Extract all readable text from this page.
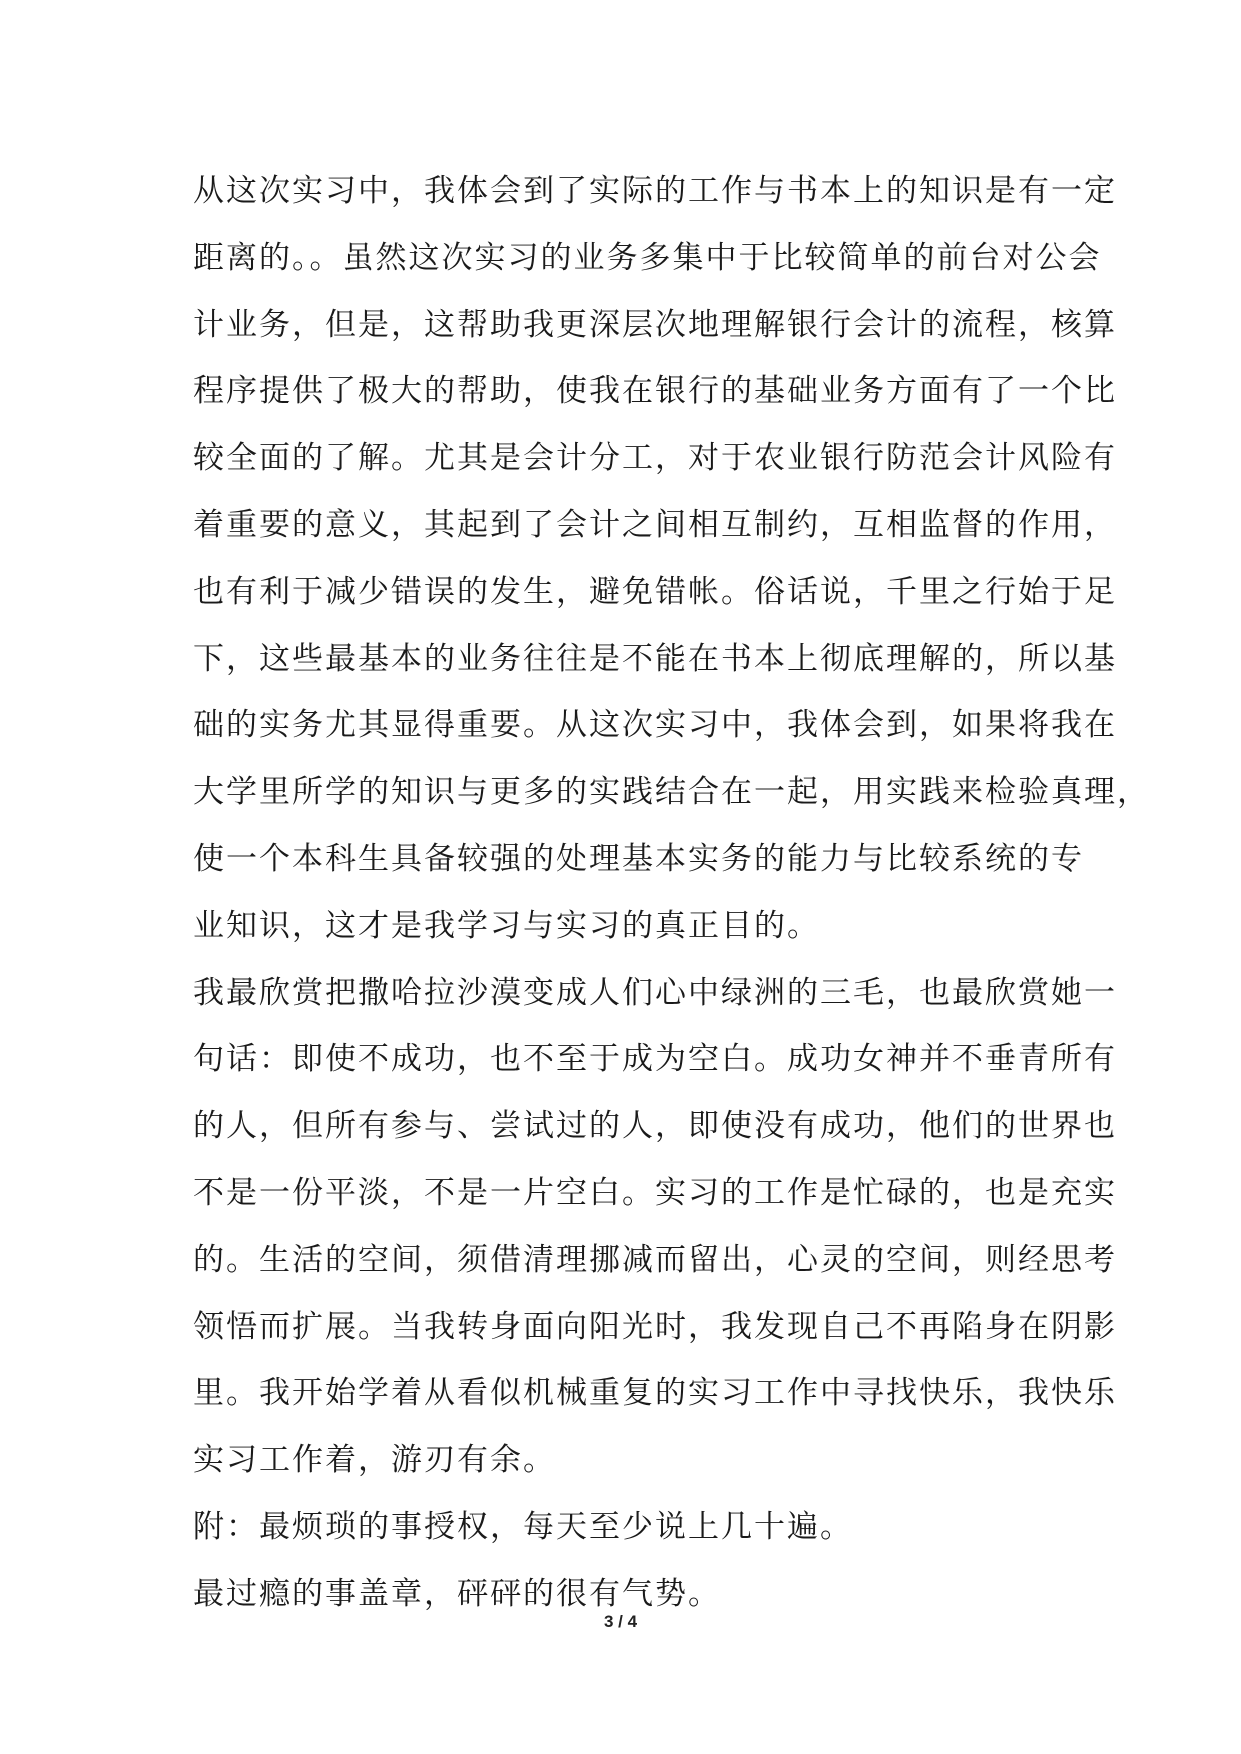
从这次实习中，我体会到了实际的工作与书本上的知识是有一定
距离的。。虽然这次实习的业务多集中于比较简单的前台对公会
计业务，但是，这帮助我更深层次地理解银行会计的流程，核算
程序提供了极大的帮助，使我在银行的基础业务方面有了一个比
较全面的了解。尤其是会计分工，对于农业银行防范会计风险有
着重要的意义，其起到了会计之间相互制约，互相监督的作用，
也有利于减少错误的发生，避免错帐。俗话说，千里之行始于足
下，这些最基本的业务往往是不能在书本上彻底理解的，所以基
础的实务尤其显得重要。从这次实习中，我体会到，如果将我在
大学里所学的知识与更多的实践结合在一起，用实践来检验真理，
使一个本科生具备较强的处理基本实务的能力与比较系统的专
业知识，这才是我学习与实习的真正目的。
我最欣赏把撒哈拉沙漠变成人们心中绿洲的三毛，也最欣赏她一
句话：即使不成功，也不至于成为空白。成功女神并不垂青所有
的人，但所有参与、尝试过的人，即使没有成功，他们的世界也
不是一份平淡，不是一片空白。实习的工作是忙碌的，也是充实
的。生活的空间，须借清理挪减而留出，心灵的空间，则经思考
领悟而扩展。当我转身面向阳光时，我发现自己不再陷身在阴影
里。我开始学着从看似机械重复的实习工作中寻找快乐，我快乐
实习工作着，游刃有余。
附：最烦琐的事授权，每天至少说上几十遍。
最过瘾的事盖章，砰砰的很有气势。
3 / 4
